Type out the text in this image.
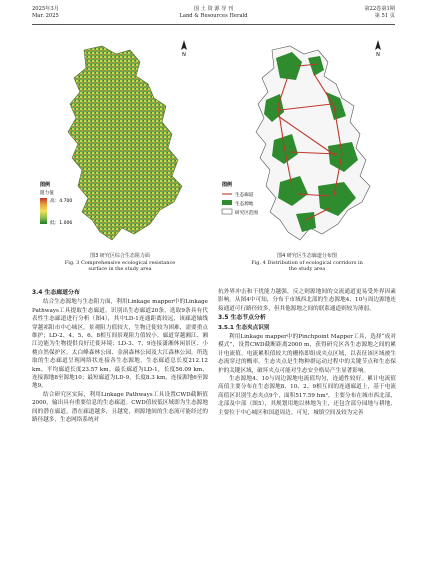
2025年3月
Mar. 2025
国 土 资 源 导 刊
Land & Resources Herald
第22卷第1期
第 51 页
N
图例
阻力值
高：4.700
低：1.006
图3 研究区综合生态阻力面
Fig. 3 Comprehensive ecological resistance
surface in the study area
N
图例
生态廊道
生态源地
研究区范围
图4 研究区生态廊道分布图
Fig. 4 Distribution of ecological corridors in
the study area
3.4 生态廊道分布

结合生态源地与生态阻力面，利用Linkage mapper中的Linkage Pathways工具提取生态廊道。识别出生态廊道20条，选取9条具有代表性生态廊道进行分析（图4），其中LD-1连通距离较远，该廊道轴线穿越祁阳市中心城区，景观阻力值较大，生物迁徙较为困难，需要重点维护；LD-2、4、5、6、8相互间景观阻力值较小，廊道穿越湘江、湘江边能为生物提供良好迁徙环境；LD-3、7、9连接潇湘休闲景区、小桃自然保护区、太白峰森林公园、金洞森林公园及大江森林公园。所选取的生态廊道呈现网络状连接各生态源地，生态廊道总长度212.12 km，平均廊道长度23.57 km。最长廊道为LD-1，长度56.09 km，连接源地8至源地10；最短廊道为LD-9，长度8.3 km，连接源地6至源地9。

结合研究区实际，利用Linkage Pathways工具设置CWD截断值2000，输出具有重要信息的生态廊道。CWD值较低区域即为生态源地间的潜在廊道，潜在廊道越多，且越宽，则源地间的生态流可能经过的路径越多，生态网络系统对

抗外界冲击和干扰能力越强，反之则源地间的交流通道更易受外界因素影响。从图4中可知，分布于市域西北部的生态源地4、10与周边源地连接通道可行路径较多，但其他源地之间的联系通道则较为薄弱。

3.5 生态节点分析
3.5.1 生态夹点识别

利用Linkage mapper中的Pinchpoint Mapper工具，选择“成对模式”，设置CWD截断距离2000 m，获得研究区各生态源地之间的累计电流值。电流累积值较大的栅格即组成夹点区域，以表征该区域被生态流穿过的概率。生态夹点是生物种群运动过程中的关键节点和生态保护的关键区域，破坏夹点可能对生态安全格局产生显著影响。

生态源地4、10与周边源地电流值均匀，连通性较好。累计电流值高值主要分布在生态源地8、10、2、9相互间的连通廊道上，基于电流高值区识别生态夹点9个，面积517.59 hm²，主要分布在城市西北部、北部及中部（图5），其规划用地以林地为主，还包含部分园地与耕地，主要位于中心城区和国道周边。可见，城镇空间及较为完善
